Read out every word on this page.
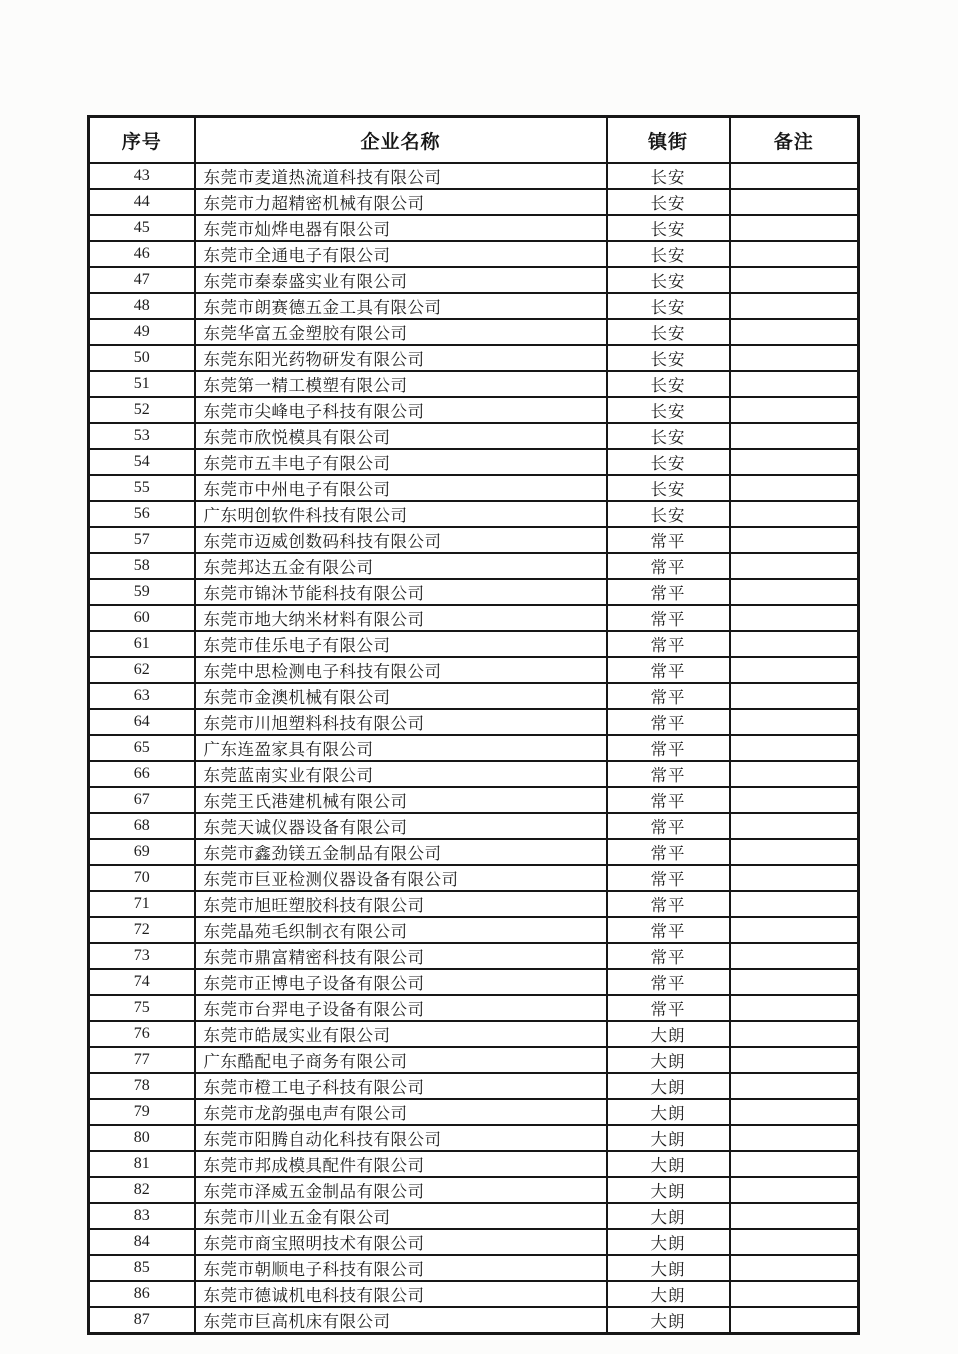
序号	企业名称	镇街	备注
43	东莞市麦道热流道科技有限公司	长安	
44	东莞市力超精密机械有限公司	长安	
45	东莞市灿烨电器有限公司	长安	
46	东莞市全通电子有限公司	长安	
47	东莞市秦泰盛实业有限公司	长安	
48	东莞市朗赛德五金工具有限公司	长安	
49	东莞华富五金塑胶有限公司	长安	
50	东莞东阳光药物研发有限公司	长安	
51	东莞第一精工模塑有限公司	长安	
52	东莞市尖峰电子科技有限公司	长安	
53	东莞市欣悦模具有限公司	长安	
54	东莞市五丰电子有限公司	长安	
55	东莞市中州电子有限公司	长安	
56	广东明创软件科技有限公司	长安	
57	东莞市迈威创数码科技有限公司	常平	
58	东莞邦达五金有限公司	常平	
59	东莞市锦沐节能科技有限公司	常平	
60	东莞市地大纳米材料有限公司	常平	
61	东莞市佳乐电子有限公司	常平	
62	东莞中思检测电子科技有限公司	常平	
63	东莞市金澳机械有限公司	常平	
64	东莞市川旭塑料科技有限公司	常平	
65	广东连盈家具有限公司	常平	
66	东莞蓝南实业有限公司	常平	
67	东莞王氏港建机械有限公司	常平	
68	东莞天诚仪器设备有限公司	常平	
69	东莞市鑫劲镁五金制品有限公司	常平	
70	东莞市巨亚检测仪器设备有限公司	常平	
71	东莞市旭旺塑胶科技有限公司	常平	
72	东莞晶苑毛织制衣有限公司	常平	
73	东莞市鼎富精密科技有限公司	常平	
74	东莞市正博电子设备有限公司	常平	
75	东莞市台羿电子设备有限公司	常平	
76	东莞市皓晟实业有限公司	大朗	
77	广东酷配电子商务有限公司	大朗	
78	东莞市橙工电子科技有限公司	大朗	
79	东莞市龙韵强电声有限公司	大朗	
80	东莞市阳腾自动化科技有限公司	大朗	
81	东莞市邦成模具配件有限公司	大朗	
82	东莞市泽威五金制品有限公司	大朗	
83	东莞市川业五金有限公司	大朗	
84	东莞市商宝照明技术有限公司	大朗	
85	东莞市朝顺电子科技有限公司	大朗	
86	东莞市德诚机电科技有限公司	大朗	
87	东莞市巨高机床有限公司	大朗	
